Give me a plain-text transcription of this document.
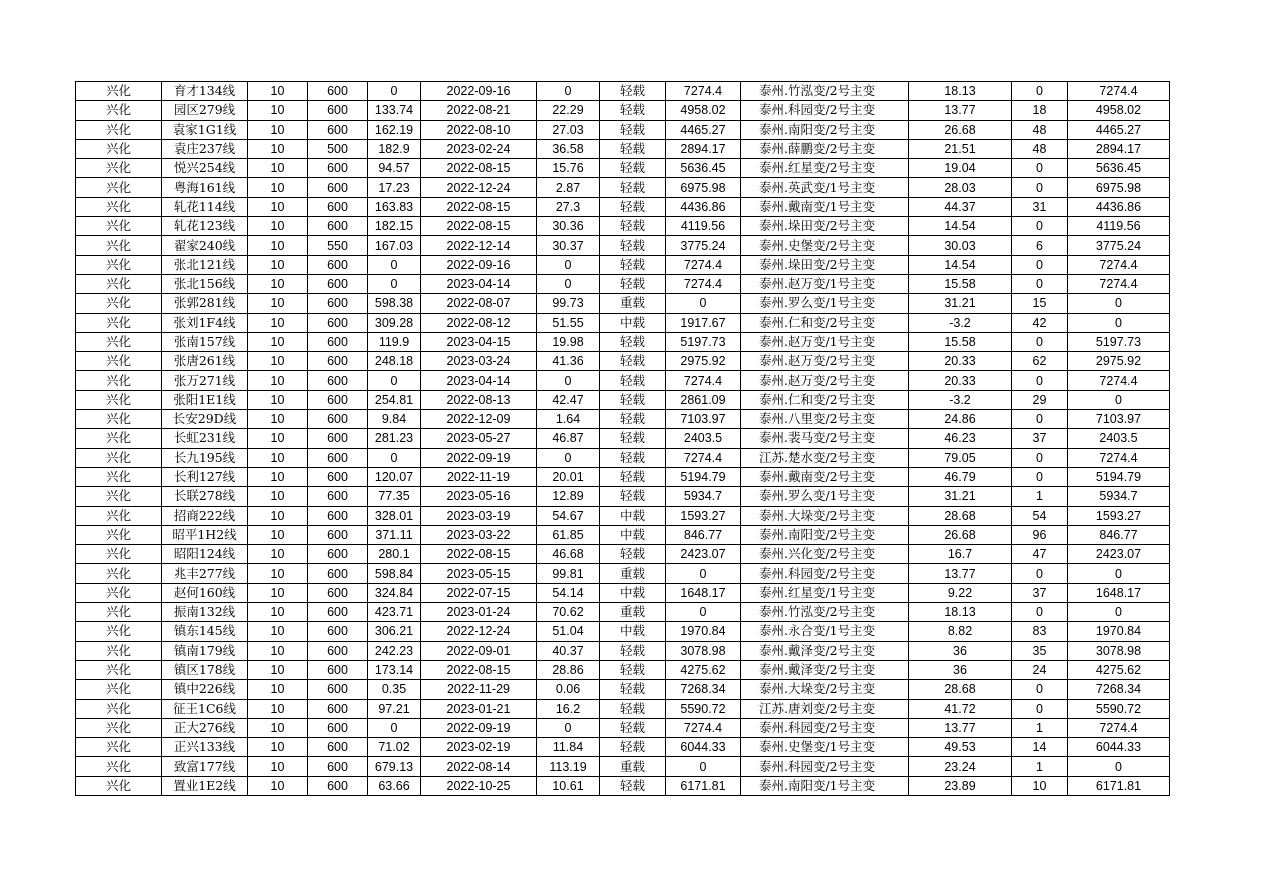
兴化	育才134线	10	600	0	2022-09-16	0	轻载	7274.4	泰州.竹泓变/2号主变	18.13	0	7274.4
兴化	园区279线	10	600	133.74	2022-08-21	22.29	轻载	4958.02	泰州.科园变/2号主变	13.77	18	4958.02
兴化	袁家1G1线	10	600	162.19	2022-08-10	27.03	轻载	4465.27	泰州.南阳变/2号主变	26.68	48	4465.27
兴化	袁庄237线	10	500	182.9	2023-02-24	36.58	轻载	2894.17	泰州.薛鹏变/2号主变	21.51	48	2894.17
兴化	悦兴254线	10	600	94.57	2022-08-15	15.76	轻载	5636.45	泰州.红星变/2号主变	19.04	0	5636.45
兴化	粤海161线	10	600	17.23	2022-12-24	2.87	轻载	6975.98	泰州.英武变/1号主变	28.03	0	6975.98
兴化	轧花114线	10	600	163.83	2022-08-15	27.3	轻载	4436.86	泰州.戴南变/1号主变	44.37	31	4436.86
兴化	轧花123线	10	600	182.15	2022-08-15	30.36	轻载	4119.56	泰州.垛田变/2号主变	14.54	0	4119.56
兴化	翟家240线	10	550	167.03	2022-12-14	30.37	轻载	3775.24	泰州.史堡变/2号主变	30.03	6	3775.24
兴化	张北121线	10	600	0	2022-09-16	0	轻载	7274.4	泰州.垛田变/2号主变	14.54	0	7274.4
兴化	张北156线	10	600	0	2023-04-14	0	轻载	7274.4	泰州.赵万变/1号主变	15.58	0	7274.4
兴化	张郭281线	10	600	598.38	2022-08-07	99.73	重载	0	泰州.罗么变/1号主变	31.21	15	0
兴化	张刘1F4线	10	600	309.28	2022-08-12	51.55	中载	1917.67	泰州.仁和变/2号主变	-3.2	42	0
兴化	张南157线	10	600	119.9	2023-04-15	19.98	轻载	5197.73	泰州.赵万变/1号主变	15.58	0	5197.73
兴化	张唐261线	10	600	248.18	2023-03-24	41.36	轻载	2975.92	泰州.赵万变/2号主变	20.33	62	2975.92
兴化	张万271线	10	600	0	2023-04-14	0	轻载	7274.4	泰州.赵万变/2号主变	20.33	0	7274.4
兴化	张阳1E1线	10	600	254.81	2022-08-13	42.47	轻载	2861.09	泰州.仁和变/2号主变	-3.2	29	0
兴化	长安29D线	10	600	9.84	2022-12-09	1.64	轻载	7103.97	泰州.八里变/2号主变	24.86	0	7103.97
兴化	长虹231线	10	600	281.23	2023-05-27	46.87	轻载	2403.5	泰州.裴马变/2号主变	46.23	37	2403.5
兴化	长九195线	10	600	0	2022-09-19	0	轻载	7274.4	江苏.楚水变/2号主变	79.05	0	7274.4
兴化	长利127线	10	600	120.07	2022-11-19	20.01	轻载	5194.79	泰州.戴南变/2号主变	46.79	0	5194.79
兴化	长联278线	10	600	77.35	2023-05-16	12.89	轻载	5934.7	泰州.罗么变/1号主变	31.21	1	5934.7
兴化	招商222线	10	600	328.01	2023-03-19	54.67	中载	1593.27	泰州.大垛变/2号主变	28.68	54	1593.27
兴化	昭平1H2线	10	600	371.11	2023-03-22	61.85	中载	846.77	泰州.南阳变/2号主变	26.68	96	846.77
兴化	昭阳124线	10	600	280.1	2022-08-15	46.68	轻载	2423.07	泰州.兴化变/2号主变	16.7	47	2423.07
兴化	兆丰277线	10	600	598.84	2023-05-15	99.81	重载	0	泰州.科园变/2号主变	13.77	0	0
兴化	赵何160线	10	600	324.84	2022-07-15	54.14	中载	1648.17	泰州.红星变/1号主变	9.22	37	1648.17
兴化	振南132线	10	600	423.71	2023-01-24	70.62	重载	0	泰州.竹泓变/2号主变	18.13	0	0
兴化	镇东145线	10	600	306.21	2022-12-24	51.04	中载	1970.84	泰州.永合变/1号主变	8.82	83	1970.84
兴化	镇南179线	10	600	242.23	2022-09-01	40.37	轻载	3078.98	泰州.戴泽变/2号主变	36	35	3078.98
兴化	镇区178线	10	600	173.14	2022-08-15	28.86	轻载	4275.62	泰州.戴泽变/2号主变	36	24	4275.62
兴化	镇中226线	10	600	0.35	2022-11-29	0.06	轻载	7268.34	泰州.大垛变/2号主变	28.68	0	7268.34
兴化	征王1C6线	10	600	97.21	2023-01-21	16.2	轻载	5590.72	江苏.唐刘变/2号主变	41.72	0	5590.72
兴化	正大276线	10	600	0	2022-09-19	0	轻载	7274.4	泰州.科园变/2号主变	13.77	1	7274.4
兴化	正兴133线	10	600	71.02	2023-02-19	11.84	轻载	6044.33	泰州.史堡变/1号主变	49.53	14	6044.33
兴化	致富177线	10	600	679.13	2022-08-14	113.19	重载	0	泰州.科园变/2号主变	23.24	1	0
兴化	置业1E2线	10	600	63.66	2022-10-25	10.61	轻载	6171.81	泰州.南阳变/1号主变	23.89	10	6171.81
